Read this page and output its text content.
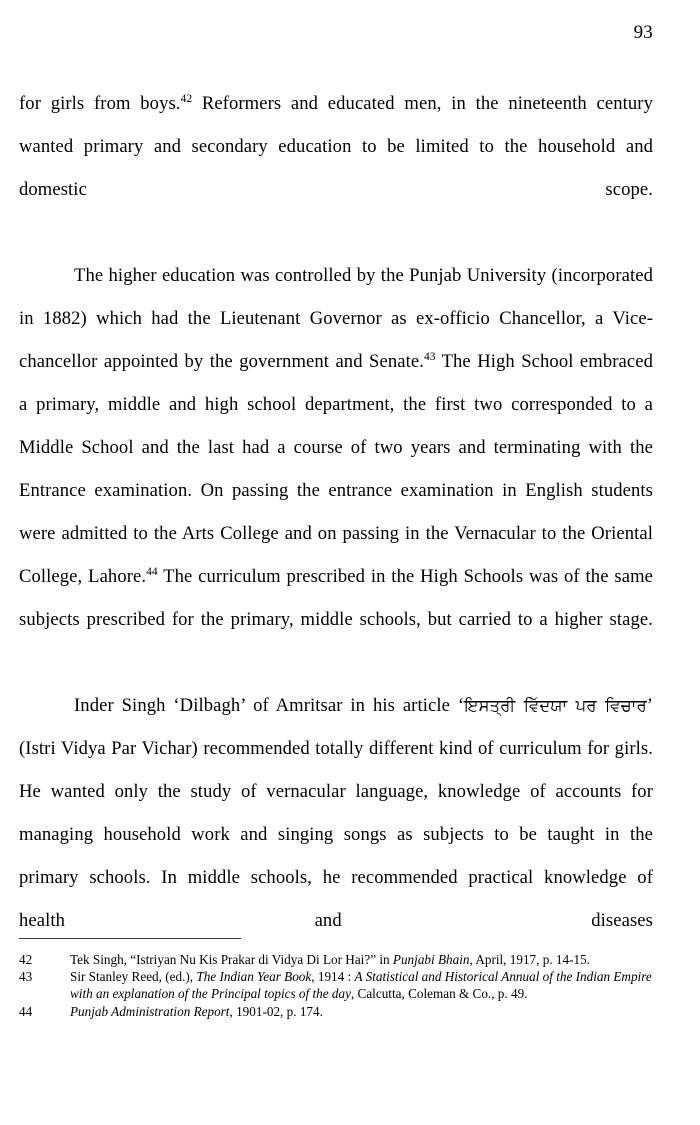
93

for girls from boys.$^{42}$ Reformers and educated men, in the nineteenth century wanted primary and secondary education to be limited to the household and domestic scope.

The higher education was controlled by the Punjab University (incorporated in 1882) which had the Lieutenant Governor as ex-officio Chancellor, a Vice-chancellor appointed by the government and Senate.$^{43}$ The High School embraced a primary, middle and high school department, the first two corresponded to a Middle School and the last had a course of two years and terminating with the Entrance examination. On passing the entrance examination in English students were admitted to the Arts College and on passing in the Vernacular to the Oriental College, Lahore.$^{44}$ The curriculum prescribed in the High Schools was of the same subjects prescribed for the primary, middle schools, but carried to a higher stage.

Inder Singh ‘Dilbagh’ of Amritsar in his article ‘ਇਸਤ੍ਰੀ ਵਿੱਦਯਾ ਪਰ ਵਿਚਾਰ’ (Istri Vidya Par Vichar) recommended totally different kind of curriculum for girls. He wanted only the study of vernacular language, knowledge of accounts for managing household work and singing songs as subjects to be taught in the primary schools. In middle schools, he recommended practical knowledge of health and diseases

42	Tek Singh, “Istriyan Nu Kis Prakar di Vidya Di Lor Hai?” in Punjabi Bhain, April, 1917, p. 14-15.
43	Sir Stanley Reed, (ed.), The Indian Year Book, 1914 : A Statistical and Historical Annual of the Indian Empire with an explanation of the Principal topics of the day, Calcutta, Coleman & Co., p. 49.
44	Punjab Administration Report, 1901-02, p. 174.
